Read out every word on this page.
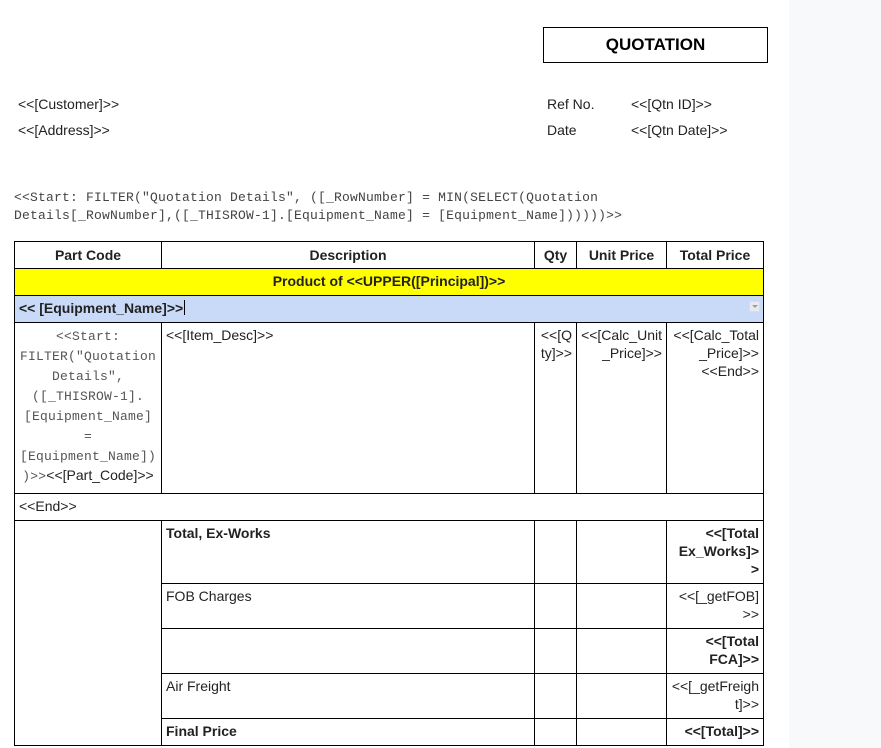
QUOTATION
<<[Customer]>>
<<[Address]>>
Ref No.	<<[Qtn ID]>>
Date	<<[Qtn Date]>>
<<Start: FILTER("Quotation Details", ([_RowNumber] = MIN(SELECT(Quotation Details[_RowNumber],([_THISROW-1].[Equipment_Name] = [Equipment_Name])))))>>
Part Code	Description	Qty	Unit Price	Total Price
Product of <<UPPER([Principal])>>				
<< [Equipment_Name]>>				

<<Start: FILTER("Quotation Details", ([_THISROW-1].[Equipment_Name] = [Equipment_Name]))>><<[Part_Code]>>	<<[Item_Desc]>>	<<[Qty]>>	<<[Calc_Unit_Price]>>	<<[Calc_Total_Price]>><<End>>
<<End>>				
	Total, Ex-Works			<<[Total Ex_Works]>>
	FOB Charges			<<[_getFOB]>>
				<<[Total FCA]>>
	Air Freight			<<[_getFreight]>>
	Final Price			<<[Total]>>
